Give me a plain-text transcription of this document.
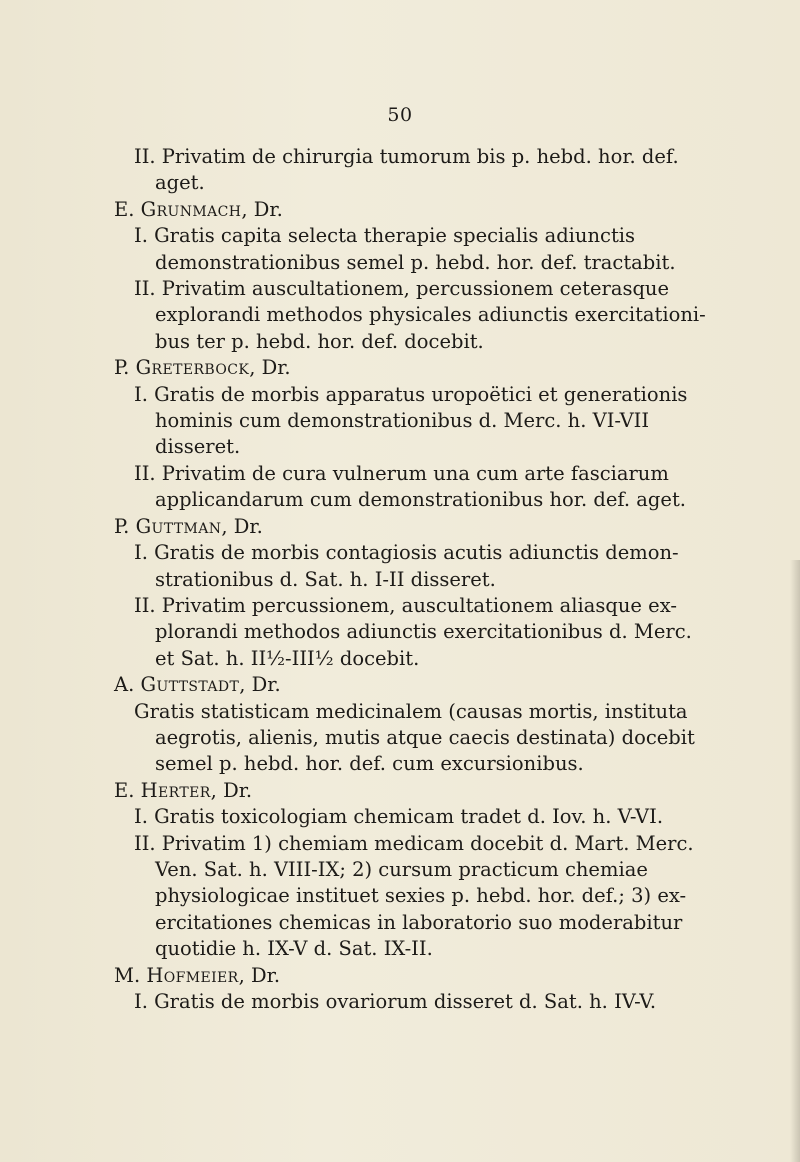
50
II. Privatim de chirurgia tumorum bis p. hebd. hor. def.
aget.
E. Grunmach, Dr.
I. Gratis capita selecta therapie specialis adiunctis
demonstrationibus semel p. hebd. hor. def. tractabit.
II. Privatim auscultationem, percussionem ceterasque
explorandi methodos physicales adiunctis exercitationi-
bus ter p. hebd. hor. def. docebit.
P. Greterbock, Dr.
I. Gratis de morbis apparatus uropoëtici et generationis
hominis cum demonstrationibus d. Merc. h. VI-VII
disseret.
II. Privatim de cura vulnerum una cum arte fasciarum
applicandarum cum demonstrationibus hor. def. aget.
P. Guttman, Dr.
I. Gratis de morbis contagiosis acutis adiunctis demon-
strationibus d. Sat. h. I-II disseret.
II. Privatim percussionem, auscultationem aliasque ex-
plorandi methodos adiunctis exercitationibus d. Merc.
et Sat. h. II½-III½ docebit.
A. Guttstadt, Dr.
Gratis statisticam medicinalem (causas mortis, instituta
aegrotis, alienis, mutis atque caecis destinata) docebit
semel p. hebd. hor. def. cum excursionibus.
E. Herter, Dr.
I. Gratis toxicologiam chemicam tradet d. Iov. h. V-VI.
II. Privatim 1) chemiam medicam docebit d. Mart. Merc.
Ven. Sat. h. VIII-IX; 2) cursum practicum chemiae
physiologicae instituet sexies p. hebd. hor. def.; 3) ex-
ercitationes chemicas in laboratorio suo moderabitur
quotidie h. IX-V d. Sat. IX-II.
M. Hofmeier, Dr.
I. Gratis de morbis ovariorum disseret d. Sat. h. IV-V.
